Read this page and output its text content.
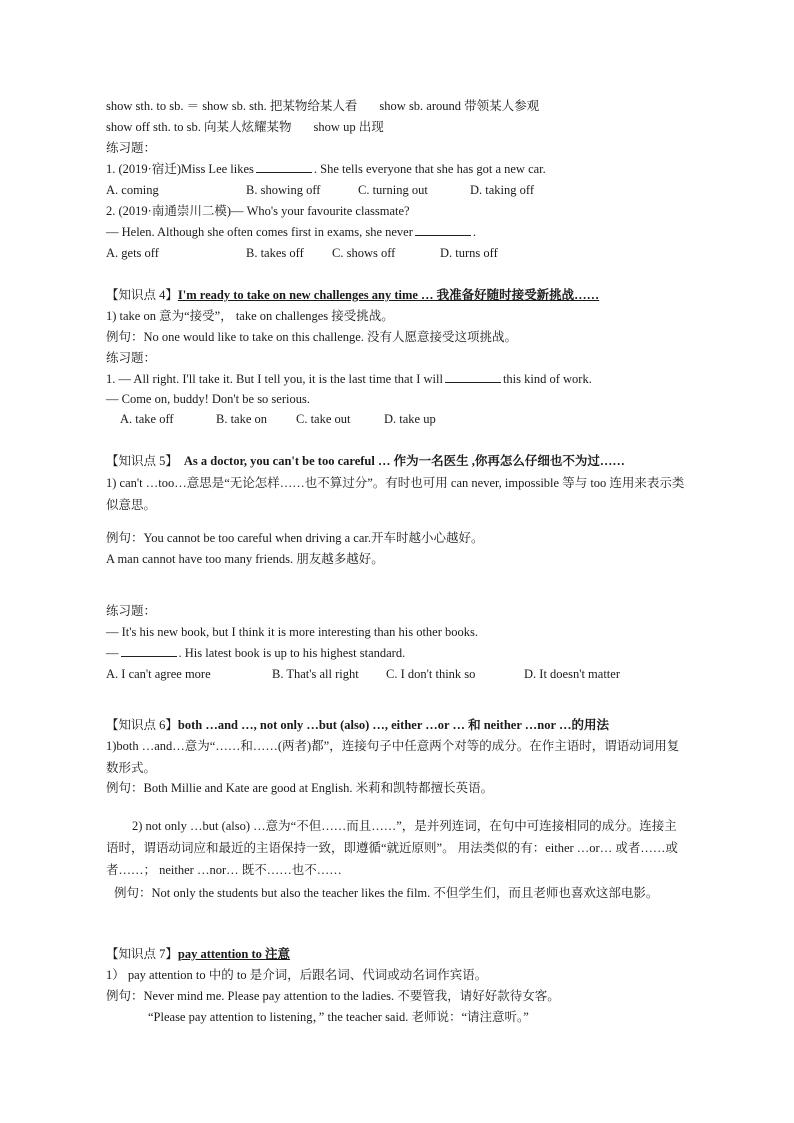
show sth. to sb. ＝ show sb. sth. 把某物给某人看 show sb. around 带领某人参观
show off sth. to sb. 向某人炫耀某物 show up 出现
练习题：
1. (2019·宿迁)Miss Lee likes	. She tells everyone that she has got a new car.
A. coming	B. showing off	C. turning out	D. taking off
2. (2019·南通崇川二模)— Who's your favourite classmate?
— Helen. Although she often comes first in exams, she never	.
A. gets off	B. takes off C. shows off	D. turns off
【知识点 4】I'm ready to take on new challenges any time … 我准备好随时接受新挑战……
1) take on 意为“接受”， take on challenges 接受挑战。
例句：No one would like to take on this challenge. 没有人愿意接受这项挑战。
练习题：
1. — All right. I'll take it. But I tell you, it is the last time that I will	this kind of work.
— Come on, buddy! Don't be so serious.
A. take off	B. take on C. take out	D. take up
【知识点 5】 As a doctor, you can't be too careful … 作为一名医生 ,你再怎么仔细也不为过……
1) can't …too…意思是“无论怎样……也不算过分”。有时也可用 can never, impossible 等与 too 连用来表示类似意思。
例句：You cannot be too careful when driving a car.开车时越小心越好。
A man cannot have too many friends. 朋友越多越好。
练习题：
— It's his new book, but I think it is more interesting than his other books.
—	. His latest book is up to his highest standard.
A. I can't agree more	B. That's all right C. I don't think so	D. It doesn't matter
【知识点 6】both …and …, not only …but (also) …, either …or … 和 neither …nor …的用法
1)both …and…意为“……和……(两者)都”，连接句子中任意两个对等的成分。在作主语时，谓语动词用复数形式。
例句：Both Millie and Kate are good at English. 米莉和凯特都擅长英语。
2) not only …but (also) …意为“不但……而且……”，是并列连词，在句中可连接相同的成分。连接主语时，谓语动词应和最近的主语保持一致，即遵循“就近原则”。 用法类似的有：either …or… 或者……或者……； neither …nor… 既不……也不……
例句：Not only the students but also the teacher likes the film. 不但学生们，而且老师也喜欢这部电影。
【知识点 7】pay attention to 注意
1） pay attention to 中的 to 是介词，后跟名词、代词或动名词作宾语。
例句：Never mind me. Please pay attention to the ladies. 不要管我，请好好款待女客。
“Please pay attention to listening，” the teacher said. 老师说：“请注意听。”
